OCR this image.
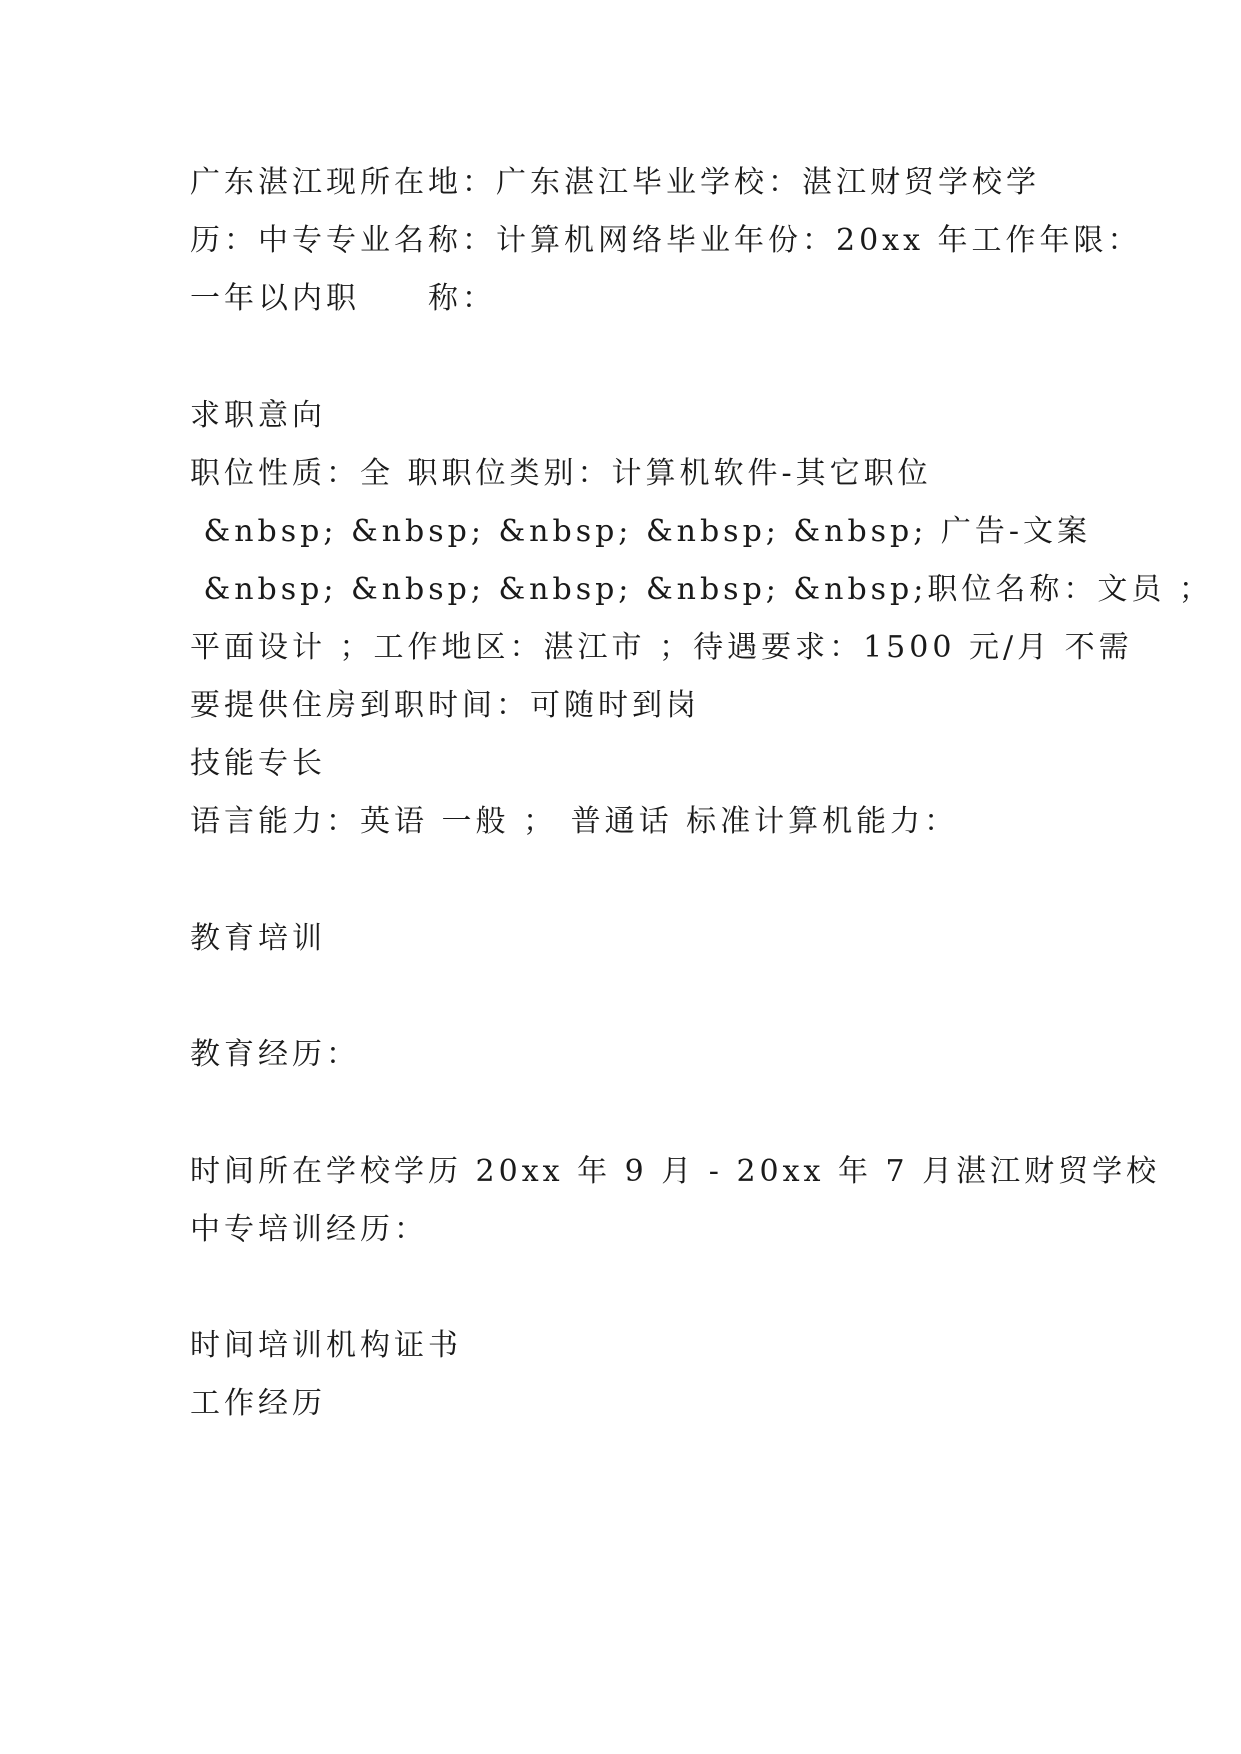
广东湛江现所在地：广东湛江毕业学校：湛江财贸学校学
历：中专专业名称：计算机网络毕业年份：20xx 年工作年限：
一年以内职　　称：
求职意向
职位性质：全 职职位类别：计算机软件-其它职位
&nbsp; &nbsp; &nbsp; &nbsp; &nbsp; 广告-文案
&nbsp; &nbsp; &nbsp; &nbsp; &nbsp;职位名称：文员 ；
平面设计 ；工作地区：湛江市 ；待遇要求：1500 元/月 不需
要提供住房到职时间：可随时到岗
技能专长
语言能力：英语 一般 ； 普通话 标准计算机能力：
教育培训
教育经历：
时间所在学校学历 20xx 年 9 月 - 20xx 年 7 月湛江财贸学校
中专培训经历：
时间培训机构证书
工作经历
